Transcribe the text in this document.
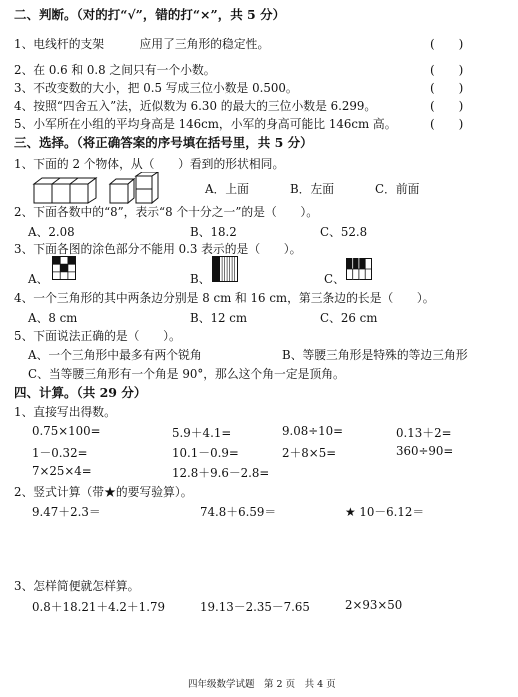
二、判断。（对的打“√”，错的打“×”，共 5 分）
1、电线杆的支架　　　应用了三角形的稳定性。	(　　)
2、在 0.6 和 0.8 之间只有一个小数。	(　　)
3、不改变数的大小，把 0.5 写成三位小数是 0.500。	(　　)
4、按照“四舍五入”法，近似数为 6.30 的最大的三位小数是 6.299。	(　　)
5、小军所在小组的平均身高是 146cm，小军的身高可能比 146cm 高。	(　　)
三、选择。（将正确答案的序号填在括号里，共 5 分）
1、下面的 2 个物体，从（　　）看到的形状相同。
A．上面	B．左面	C．前面
2、下面各数中的“8”，表示“8 个十分之一”的是（　　）。
A、2.08	B、18.2	C、52.8
3、下面各图的涂色部分不能用 0.3 表示的是（　　）。
A、	B、	C、
4、一个三角形的其中两条边分别是 8 cm 和 16 cm，第三条边的长是（　　）。
A、8 cm	B、12 cm	C、26 cm
5、下面说法正确的是（　　）。
A、一个三角形中最多有两个锐角	B、等腰三角形是特殊的等边三角形
C、当等腰三角形有一个角是 90°，那么这个角一定是顶角。
四、计算。（共 29 分）
1、直接写出得数。
0.75×100=	5.9＋4.1=	9.08÷10=	0.13＋2=
1－0.32=	10.1－0.9=	2＋8×5=	360÷90=
7×25×4=	12.8＋9.6－2.8=
2、竖式计算（带★的要写验算）。
9.47＋2.3＝	74.8＋6.59＝	★ 10－6.12＝
3、怎样简便就怎样算。
0.8＋18.21＋4.2＋1.79	19.13－2.35－7.65	2×93×50
四年级数学试题　第 2 页　共 4 页
